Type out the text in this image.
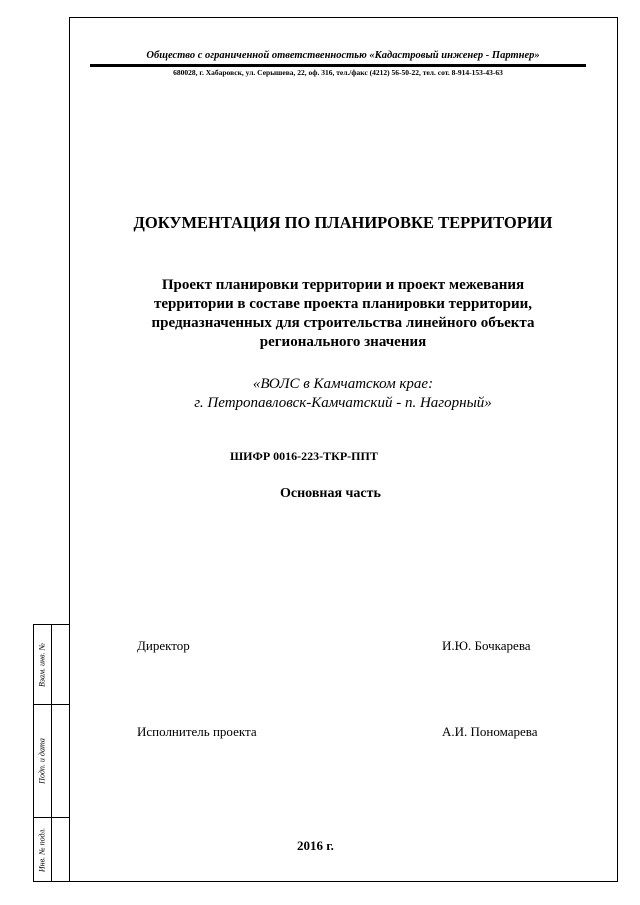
Взам. инв. №
Подп. и дата
Инв. № подл.
Общество с ограниченной ответственностью «Кадастровый инженер - Партнер»
680028, г. Хабаровск, ул. Серышева, 22, оф. 316, тел./факс (4212) 56-50-22, тел. сот. 8-914-153-43-63
ДОКУМЕНТАЦИЯ ПО ПЛАНИРОВКЕ ТЕРРИТОРИИ
Проект планировки территории и проект межевания
территории в составе проекта планировки территории,
предназначенных для строительства линейного объекта
регионального значения
«ВОЛС в Камчатском крае:
г. Петропавловск-Камчатский - п. Нагорный»
ШИФР 0016-223-ТКР-ППТ
Основная часть
Директор	И.Ю. Бочкарева
Исполнитель проекта	А.И. Пономарева
2016 г.
